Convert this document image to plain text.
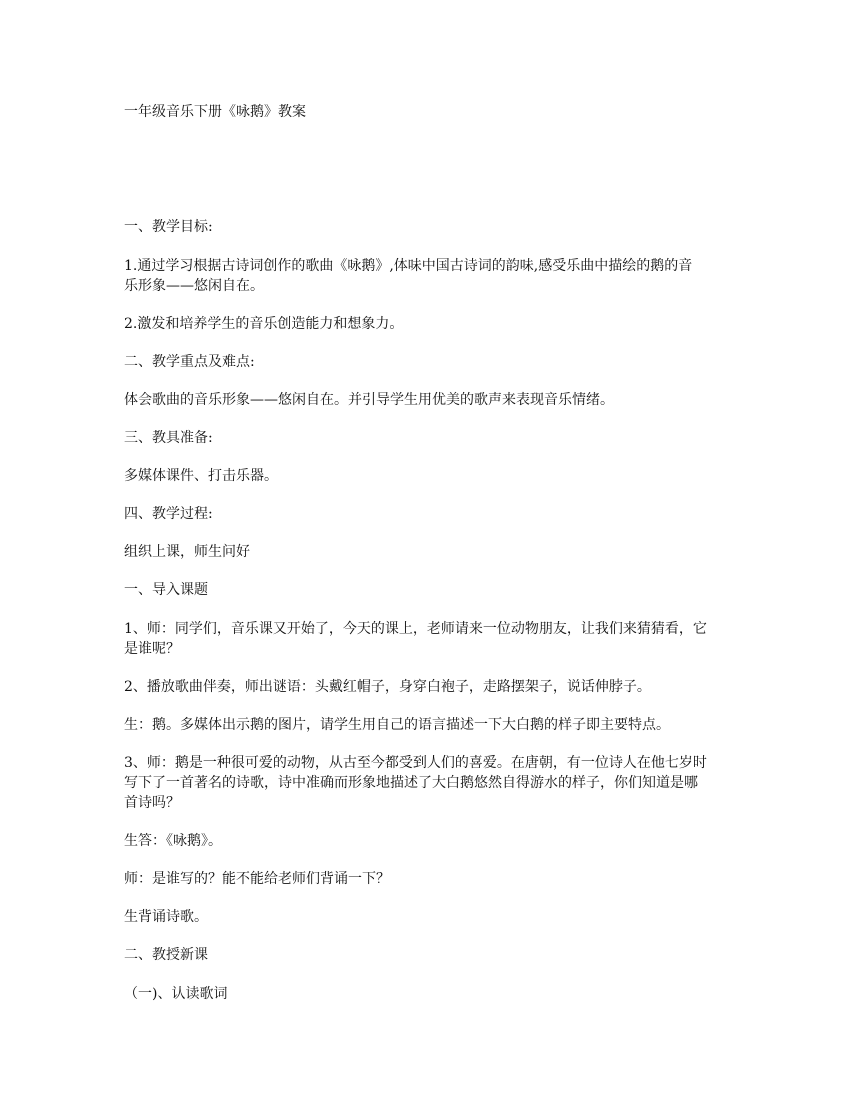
一年级音乐下册《咏鹅》教案
一、教学目标:
1.通过学习根据古诗词创作的歌曲《咏鹅》,体味中国古诗词的韵味,感受乐曲中描绘的鹅的音
乐形象——悠闲自在。
2.激发和培养学生的音乐创造能力和想象力。
二、教学重点及难点:
体会歌曲的音乐形象——悠闲自在。并引导学生用优美的歌声来表现音乐情绪。
三、教具准备:
多媒体课件、打击乐器。
四、教学过程:
组织上课，师生问好
一、导入课题
1、师：同学们，音乐课又开始了，今天的课上，老师请来一位动物朋友，让我们来猜猜看，它
是谁呢？
2、播放歌曲伴奏，师出谜语：头戴红帽子，身穿白袍子，走路摆架子，说话伸脖子。
生：鹅。多媒体出示鹅的图片，请学生用自己的语言描述一下大白鹅的样子即主要特点。
3、师：鹅是一种很可爱的动物，从古至今都受到人们的喜爱。在唐朝，有一位诗人在他七岁时
写下了一首著名的诗歌，诗中准确而形象地描述了大白鹅悠然自得游水的样子，你们知道是哪
首诗吗？
生答：《咏鹅》。
师：是谁写的？能不能给老师们背诵一下？
生背诵诗歌。
二、教授新课
（一)、认读歌词
